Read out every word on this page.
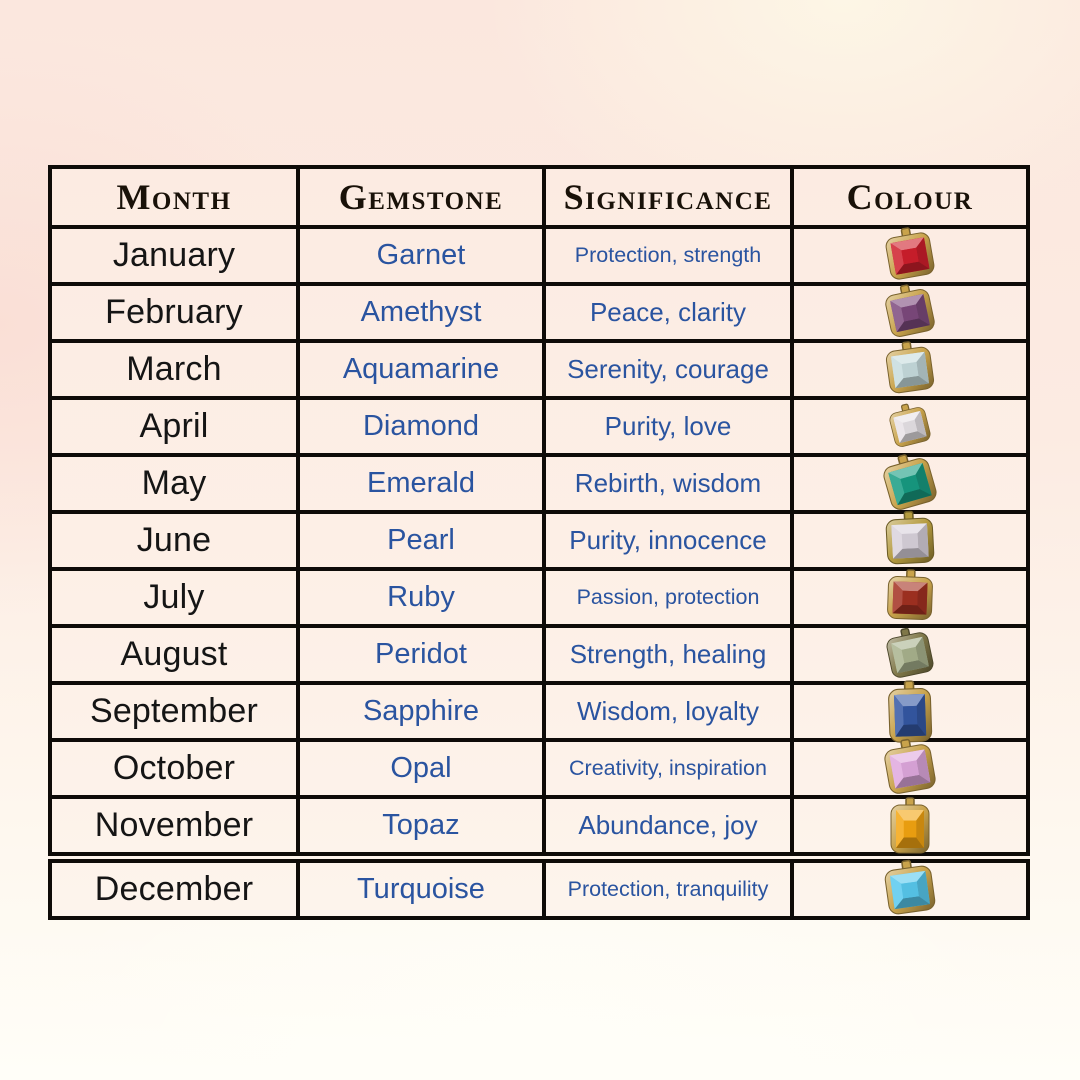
Month	Gemstone	Significance	Colour
January	Garnet	Protection, strength
February	Amethyst	Peace, clarity
March	Aquamarine	Serenity, courage
April	Diamond	Purity, love
May	Emerald	Rebirth, wisdom
June	Pearl	Purity, innocence
July	Ruby	Passion, protection
August	Peridot	Strength, healing
September	Sapphire	Wisdom, loyalty
October	Opal	Creativity, inspiration
November	Topaz	Abundance, joy
December	Turquoise	Protection, tranquility
